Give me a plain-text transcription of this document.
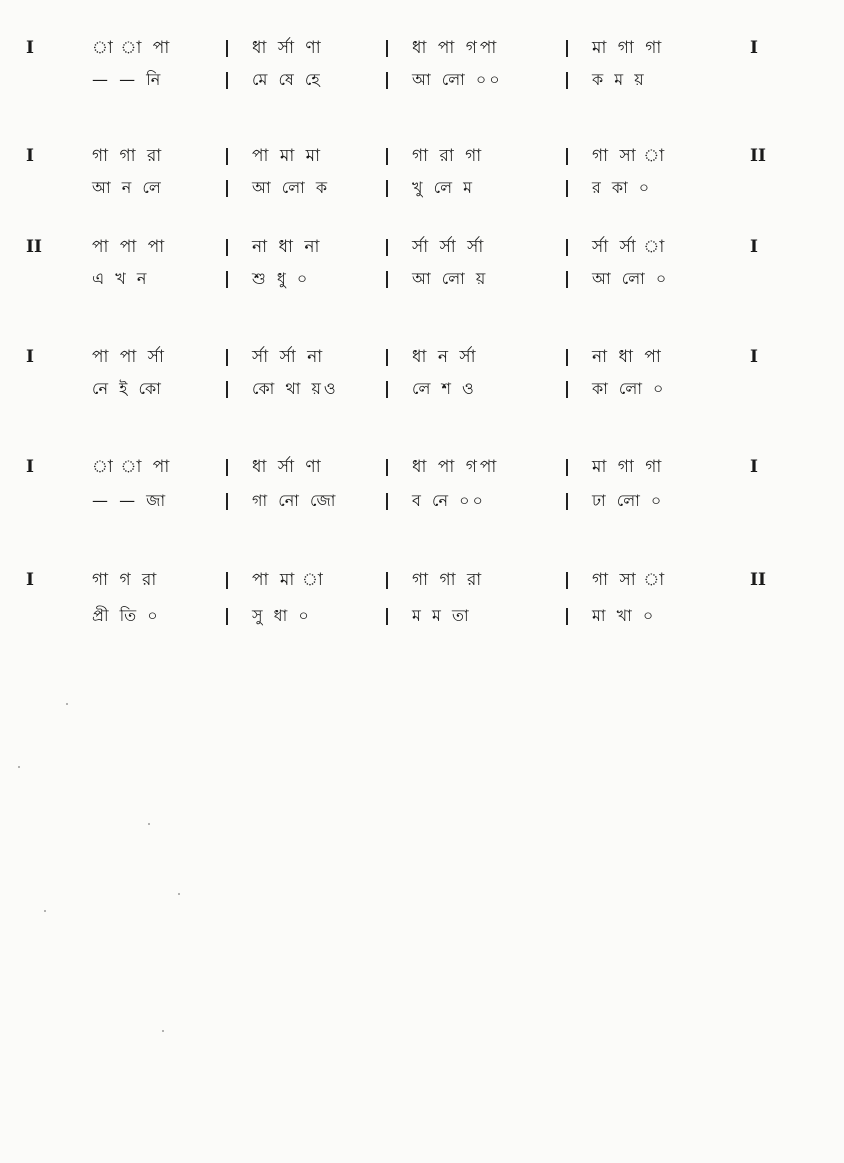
I	া া পা	ধা র্সা ণা	ধা পা গপা	মা গা গা	I
— — নি	মে ষে হে	আ লো ০০	ক ম য়
I	গা গা রা	পা মা মা	গা রা গা	গা সা া	II
আ ন লে	আ লো ক	খু লে ম	র কা ০
II	পা পা পা	না ধা না	র্সা র্সা র্সা	র্সা র্সা া	I
এ খ ন	শু ধু ০	আ লো য়	আ লো ০
I	পা পা র্সা	র্সা র্সা না	ধা ন র্সা	না ধা পা	I
নে ই কো	কো থা য়ও	লে শ ও	কা লো ০
I	া া পা	ধা র্সা ণা	ধা পা গপা	মা গা গা	I
— — জা	গা নো জো	ব নে ০০	ঢা লো ০
I	গা গ রা	পা মা া	গা গা রা	গা সা া	II
প্রী তি ০	সু ধা ০	ম ম তা	মা খা ০
